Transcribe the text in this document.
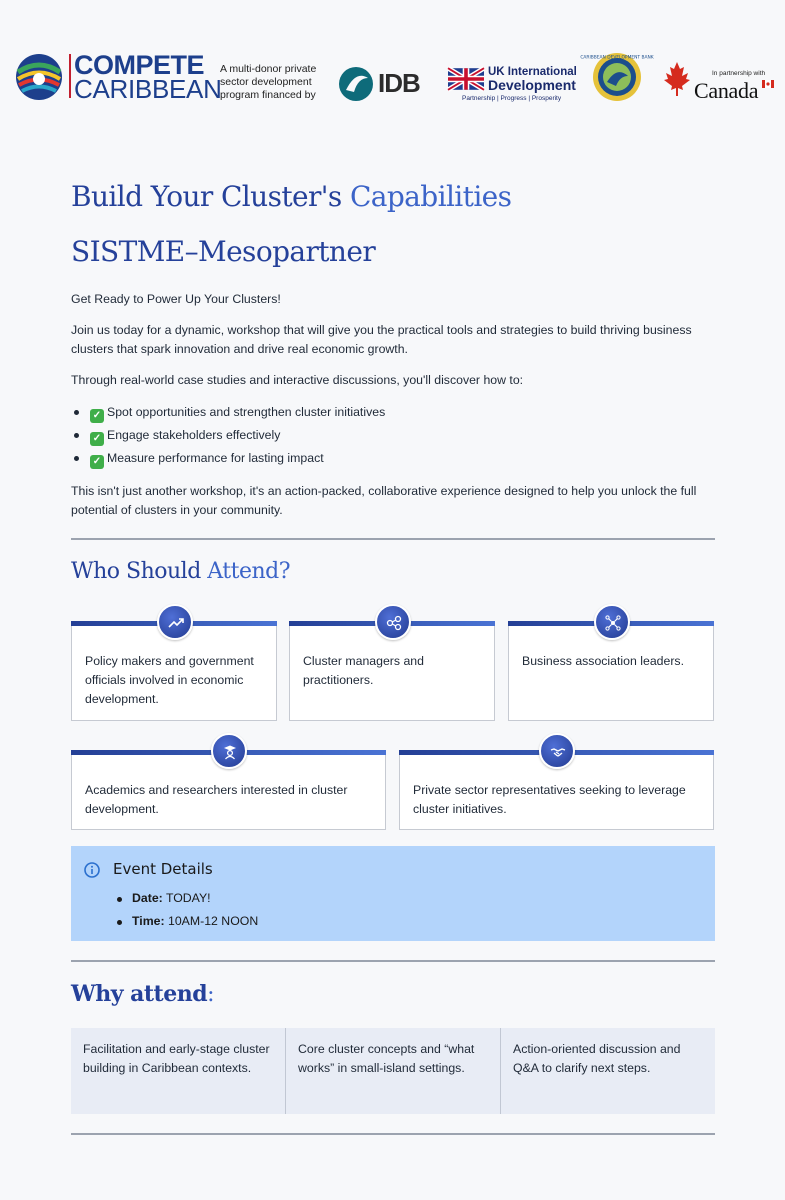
COMPETE
CARIBBEAN
A multi-donor private sector development program financed by	IDB	UK International
Development
Partnership | Progress | Prosperity
CARIBBEAN DEVELOPMENT BANK
In partnership with
Canada
Build Your Cluster's Capabilities
SISTME–Mesopartner
Get Ready to Power Up Your Clusters!
Join us today for a dynamic, workshop that will give you the practical tools and strategies to build thriving business clusters that spark innovation and drive real economic growth.
Through real-world case studies and interactive discussions, you'll discover how to:
✓ Spot opportunities and strengthen cluster initiatives
✓ Engage stakeholders effectively
✓ Measure performance for lasting impact
This isn't just another workshop, it's an action-packed, collaborative experience designed to help you unlock the full potential of clusters in your community.
Who Should Attend?
Policy makers and government officials involved in economic development.
Cluster managers and practitioners.
Business association leaders.
Academics and researchers interested in cluster development.
Private sector representatives seeking to leverage cluster initiatives.
Event Details
Date: TODAY!
Time: 10AM-12 NOON
Why attend:
Facilitation and early-stage cluster building in Caribbean contexts.
Core cluster concepts and “what works” in small-island settings.
Action-oriented discussion and Q&A to clarify next steps.
